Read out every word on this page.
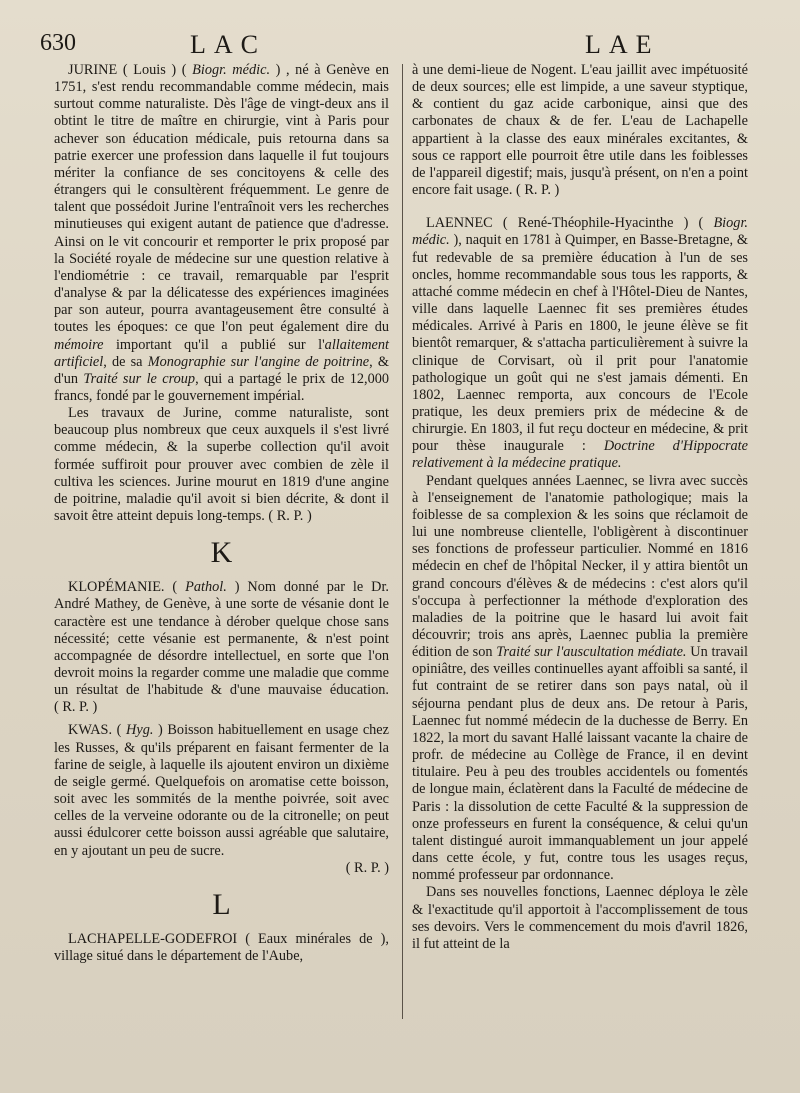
630	LAC	LAE

JURINE ( Louis ) ( Biogr. médic. ) , né à Genève en 1751, s'est rendu recommandable comme médecin, mais surtout comme naturaliste. Dès l'âge de vingt-deux ans il obtint le titre de maître en chirurgie, vint à Paris pour achever son éducation médicale, puis retourna dans sa patrie exercer une profession dans laquelle il fut toujours mériter la confiance de ses concitoyens & celle des étrangers qui le consultèrent fréquemment. Le genre de talent que possédoit Jurine l'entraînoit vers les recherches minutieuses qui exigent autant de patience que d'adresse. Ainsi on le vit concourir et remporter le prix proposé par la Société royale de médecine sur une question relative à l'endiométrie : ce travail, remarquable par l'esprit d'analyse & par la délicatesse des expériences imaginées par son auteur, pourra avantageusement être consulté à toutes les époques: ce que l'on peut également dire du mémoire important qu'il a publié sur l'allaitement artificiel, de sa Monographie sur l'angine de poitrine, & d'un Traité sur le croup, qui a partagé le prix de 12,000 francs, fondé par le gouvernement impérial.

Les travaux de Jurine, comme naturaliste, sont beaucoup plus nombreux que ceux auxquels il s'est livré comme médecin, & la superbe collection qu'il avoit formée suffiroit pour prouver avec combien de zèle il cultiva les sciences. Jurine mourut en 1819 d'une angine de poitrine, maladie qu'il avoit si bien décrite, & dont il savoit être atteint depuis long-temps. ( R. P. )

K

KLOPÉMANIE. ( Pathol. ) Nom donné par le Dr. André Mathey, de Genève, à une sorte de vésanie dont le caractère est une tendance à dérober quelque chose sans nécessité; cette vésanie est permanente, & n'est point accompagnée de désordre intellectuel, en sorte que l'on devroit moins la regarder comme une maladie que comme un résultat de l'habitude & d'une mauvaise éducation. ( R. P. )

KWAS. ( Hyg. ) Boisson habituellement en usage chez les Russes, & qu'ils préparent en faisant fermenter de la farine de seigle, à laquelle ils ajoutent environ un dixième de seigle germé. Quelquefois on aromatise cette boisson, soit avec les sommités de la menthe poivrée, soit avec celles de la verveine odorante ou de la citronelle; on peut aussi édulcorer cette boisson aussi agréable que salutaire, en y ajoutant un peu de sucre.

( R. P. )

L

LACHAPELLE-GODEFROI ( Eaux minérales de ), village situé dans le département de l'Aube,

à une demi-lieue de Nogent. L'eau jaillit avec impétuosité de deux sources; elle est limpide, a une saveur styptique, & contient du gaz acide carbonique, ainsi que des carbonates de chaux & de fer. L'eau de Lachapelle appartient à la classe des eaux minérales excitantes, & sous ce rapport elle pourroit être utile dans les foiblesses de l'appareil digestif; mais, jusqu'à présent, on n'en a point encore fait usage. ( R. P. )

LAENNEC ( René-Théophile-Hyacinthe ) ( Biogr. médic. ), naquit en 1781 à Quimper, en Basse-Bretagne, & fut redevable de sa première éducation à l'un de ses oncles, homme recommandable sous tous les rapports, & attaché comme médecin en chef à l'Hôtel-Dieu de Nantes, ville dans laquelle Laennec fit ses premières études médicales. Arrivé à Paris en 1800, le jeune élève se fit bientôt remarquer, & s'attacha particulièrement à suivre la clinique de Corvisart, où il prit pour l'anatomie pathologique un goût qui ne s'est jamais démenti. En 1802, Laennec remporta, aux concours de l'Ecole pratique, les deux premiers prix de médecine & de chirurgie. En 1803, il fut reçu docteur en médecine, & prit pour thèse inaugurale : Doctrine d'Hippocrate relativement à la médecine pratique.

Pendant quelques années Laennec, se livra avec succès à l'enseignement de l'anatomie pathologique; mais la foiblesse de sa complexion & les soins que réclamoit de lui une nombreuse clientelle, l'obligèrent à discontinuer ses fonctions de professeur particulier. Nommé en 1816 médecin en chef de l'hôpital Necker, il y attira bientôt un grand concours d'élèves & de médecins : c'est alors qu'il s'occupa à perfectionner la méthode d'exploration des maladies de la poitrine que le hasard lui avoit fait découvrir; trois ans après, Laennec publia la première édition de son Traité sur l'auscultation médiate. Un travail opiniâtre, des veilles continuelles ayant affoibli sa santé, il fut contraint de se retirer dans son pays natal, où il séjourna pendant plus de deux ans. De retour à Paris, Laennec fut nommé médecin de la duchesse de Berry. En 1822, la mort du savant Hallé laissant vacante la chaire de profr. de médecine au Collège de France, il en devint titulaire. Peu à peu des troubles accidentels ou fomentés de longue main, éclatèrent dans la Faculté de médecine de Paris : la dissolution de cette Faculté & la suppression de onze professeurs en furent la conséquence, & celui qu'un talent distingué auroit immanquablement un jour appelé dans cette école, y fut, contre tous les usages reçus, nommé professeur par ordonnance.

Dans ses nouvelles fonctions, Laennec déploya le zèle & l'exactitude qu'il apportoit à l'accomplissement de tous ses devoirs. Vers le commencement du mois d'avril 1826, il fut atteint de la
